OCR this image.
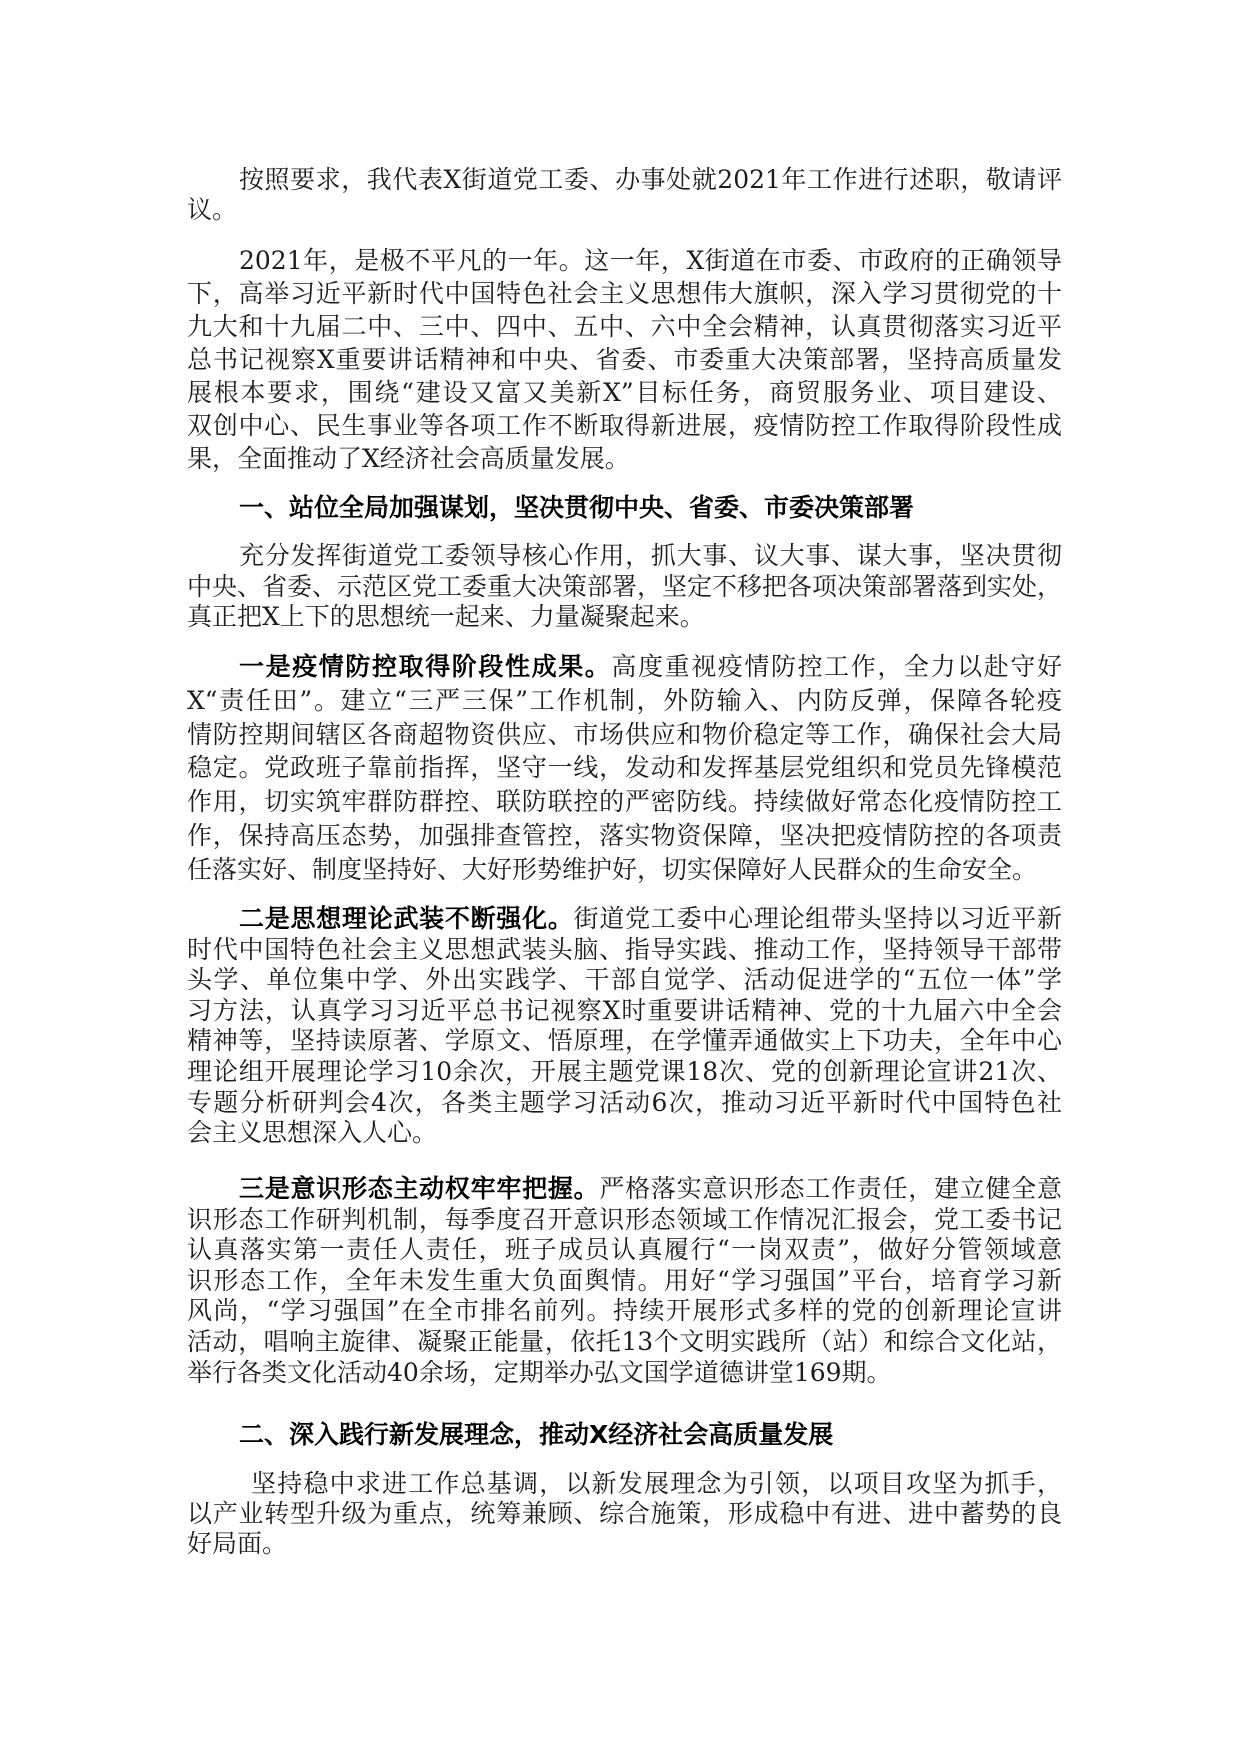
一、站位全局加强谋划，坚决贯彻中央、省委、市委决策部署
二、深入践行新发展理念，推动X经济社会高质量发展
按照要求，我代表X街道党工委、办事处就2021年工作进行述职，敬请评
议。
2021年，是极不平凡的一年。这一年，X街道在市委、市政府的正确领导
下，高举习近平新时代中国特色社会主义思想伟大旗帜，深入学习贯彻党的十
九大和十九届二中、三中、四中、五中、六中全会精神，认真贯彻落实习近平
总书记视察X重要讲话精神和中央、省委、市委重大决策部署，坚持高质量发
展根本要求，围绕“建设又富又美新X”目标任务，商贸服务业、项目建设、
双创中心、民生事业等各项工作不断取得新进展，疫情防控工作取得阶段性成
果，全面推动了X经济社会高质量发展。
充分发挥街道党工委领导核心作用，抓大事、议大事、谋大事，坚决贯彻
中央、省委、示范区党工委重大决策部署，坚定不移把各项决策部署落到实处，
真正把X上下的思想统一起来、力量凝聚起来。
一是疫情防控取得阶段性成果。高度重视疫情防控工作，全力以赴守好
X“责任田”。建立“三严三保”工作机制，外防输入、内防反弹，保障各轮疫
情防控期间辖区各商超物资供应、市场供应和物价稳定等工作，确保社会大局
稳定。党政班子靠前指挥，坚守一线，发动和发挥基层党组织和党员先锋模范
作用，切实筑牢群防群控、联防联控的严密防线。持续做好常态化疫情防控工
作，保持高压态势，加强排查管控，落实物资保障，坚决把疫情防控的各项责
任落实好、制度坚持好、大好形势维护好，切实保障好人民群众的生命安全。
二是思想理论武装不断强化。街道党工委中心理论组带头坚持以习近平新
时代中国特色社会主义思想武装头脑、指导实践、推动工作，坚持领导干部带
头学、单位集中学、外出实践学、干部自觉学、活动促进学的“五位一体”学
习方法，认真学习习近平总书记视察X时重要讲话精神、党的十九届六中全会
精神等，坚持读原著、学原文、悟原理，在学懂弄通做实上下功夫，全年中心
理论组开展理论学习10余次，开展主题党课18次、党的创新理论宣讲21次、
专题分析研判会4次，各类主题学习活动6次，推动习近平新时代中国特色社
会主义思想深入人心。
三是意识形态主动权牢牢把握。严格落实意识形态工作责任，建立健全意
识形态工作研判机制，每季度召开意识形态领域工作情况汇报会，党工委书记
认真落实第一责任人责任，班子成员认真履行“一岗双责”，做好分管领域意
识形态工作，全年未发生重大负面舆情。用好“学习强国”平台，培育学习新
风尚，“学习强国”在全市排名前列。持续开展形式多样的党的创新理论宣讲
活动，唱响主旋律、凝聚正能量，依托13个文明实践所（站）和综合文化站，
举行各类文化活动40余场，定期举办弘文国学道德讲堂169期。
坚持稳中求进工作总基调，以新发展理念为引领，以项目攻坚为抓手，
以产业转型升级为重点，统筹兼顾、综合施策，形成稳中有进、进中蓄势的良
好局面。
